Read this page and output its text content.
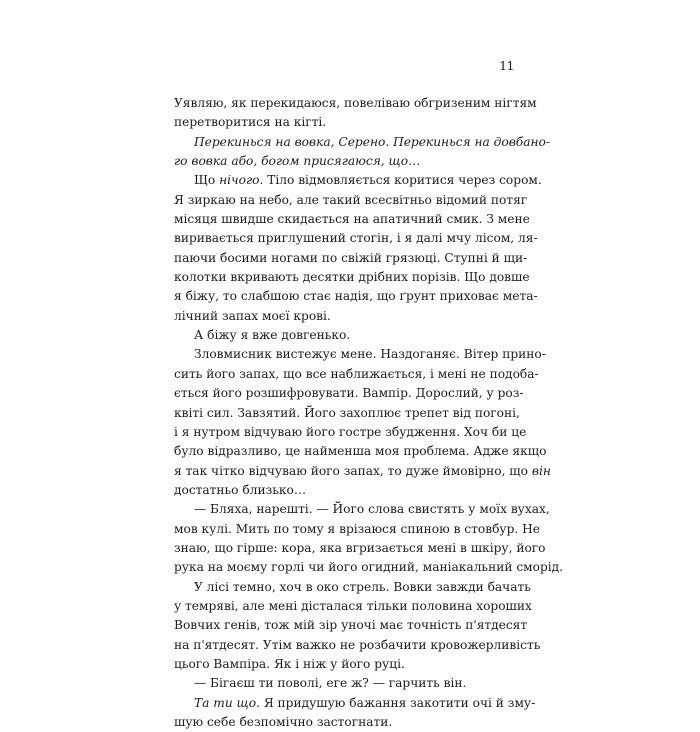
11
Уявляю, як перекидаюся, повелівaю обгризеним нігтям
перетворитися на кігті.
Перекинься на вовка, Серено. Перекинься на довбано-
го вовка або, богом присягаюся, що…
Що нічого. Тіло відмовляється коритися через сором.
Я зиркаю на небо, але такий всесвітньо відомий потяг
місяця швидше скидається на апатичний смик. З мене
виривається приглушений стогін, і я далі мчу лісом, ля-
паючи босими ногами по свіжій грязюці. Ступні й щи-
колотки вкривають десятки дрібних порізів. Що довше
я біжу, то слабшою стає надія, що ґрунт приховає мета-
лічний запах моєї крові.
А біжу я вже довгенько.
Зловмисник вистежує мене. Наздоганяє. Вітер прино-
сить його запах, що все наближається, і мені не подоба-
ється його розшифровувати. Вампір. Дорослий, у роз-
квіті сил. Завзятий. Його захоплює трепет від погоні,
і я нутром відчуваю його гостре збудження. Хоч би це
було відразливо, це найменша моя проблема. Адже якщо
я так чітко відчуваю його запах, то дуже ймовірно, що він
достатньо близько…
— Бляха, нарешті. — Його слова свистять у моїх вухах,
мов кулі. Мить по тому я врізаюся спиною в стовбур. Не
знаю, що гірше: кора, яка вгризається мені в шкіру, його
рука на моєму горлі чи його огидний, маніакальний сморід.
У лісі темно, хоч в око стрель. Вовки завжди бачать
у темряві, але мені дісталася тільки половина хороших
Вовчих генів, тож мій зір уночі має точність п'ятдесят
на п'ятдесят. Утім важко не розбачити кровожерливість
цього Вампіра. Як і ніж у його руці.
— Бігаєш ти поволі, еге ж? — гарчить він.
Та ти що. Я придушую бажання закотити очі й зму-
шую себе безпомічно застогнати.
